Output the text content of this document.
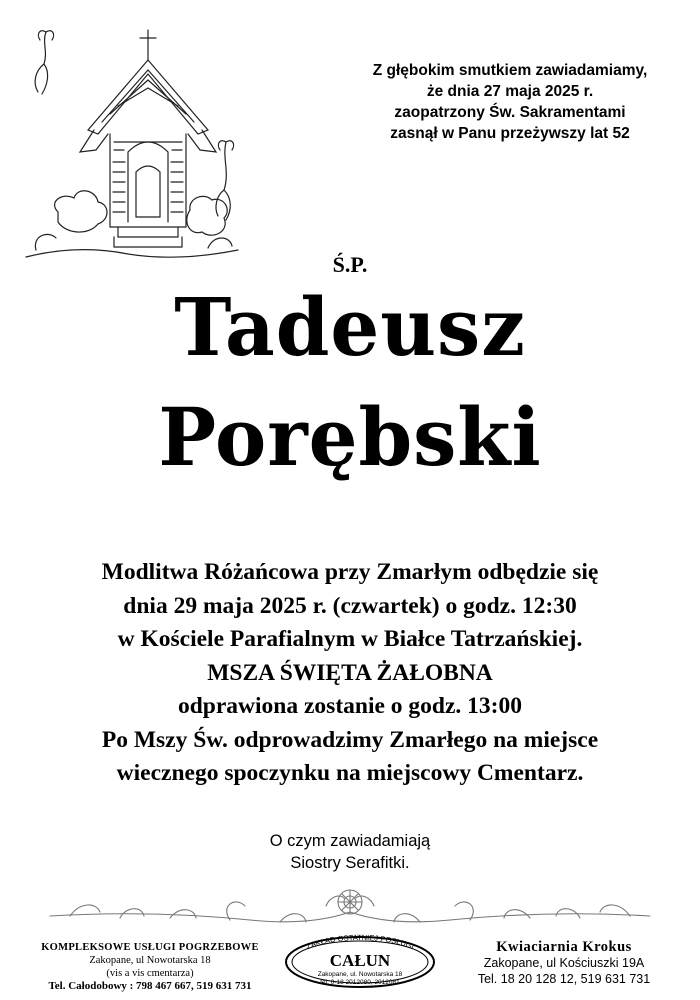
Z głębokim smutkiem zawiadamiamy,
że dnia 27 maja 2025 r.
zaopatrzony Św. Sakramentami
zasnął w Panu przeżywszy lat 52
Ś.P.
Tadeusz
Porębski
Modlitwa Różańcowa przy Zmarłym odbędzie się
dnia 29 maja 2025 r. (czwartek) o godz. 12:30
w Kościele Parafialnym w Białce Tatrzańskiej.
MSZA ŚWIĘTA ŻAŁOBNA
odprawiona zostanie o godz. 13:00
Po Mszy Św. odprowadzimy Zmarłego na miejsce
wiecznego spoczynku na miejscowy Cmentarz.
O czym zawiadamiają
Siostry Serafitki.
KOMPLEKSOWE USŁUGI POGRZEBOWE
Zakopane, ul Nowotarska 18
(vis a vis cmentarza)
Tel. Całodobowy : 798 467 667, 519 631 731
ZAKŁAD OSTATNIEJ POSŁUGI
CAŁUN
Zakopane, ul. Nowotarska 18
tel. 0-18 2012080, 2012081
Kwiaciarnia Krokus
Zakopane, ul Kościuszki 19A
Tel. 18 20 128 12, 519 631 731
